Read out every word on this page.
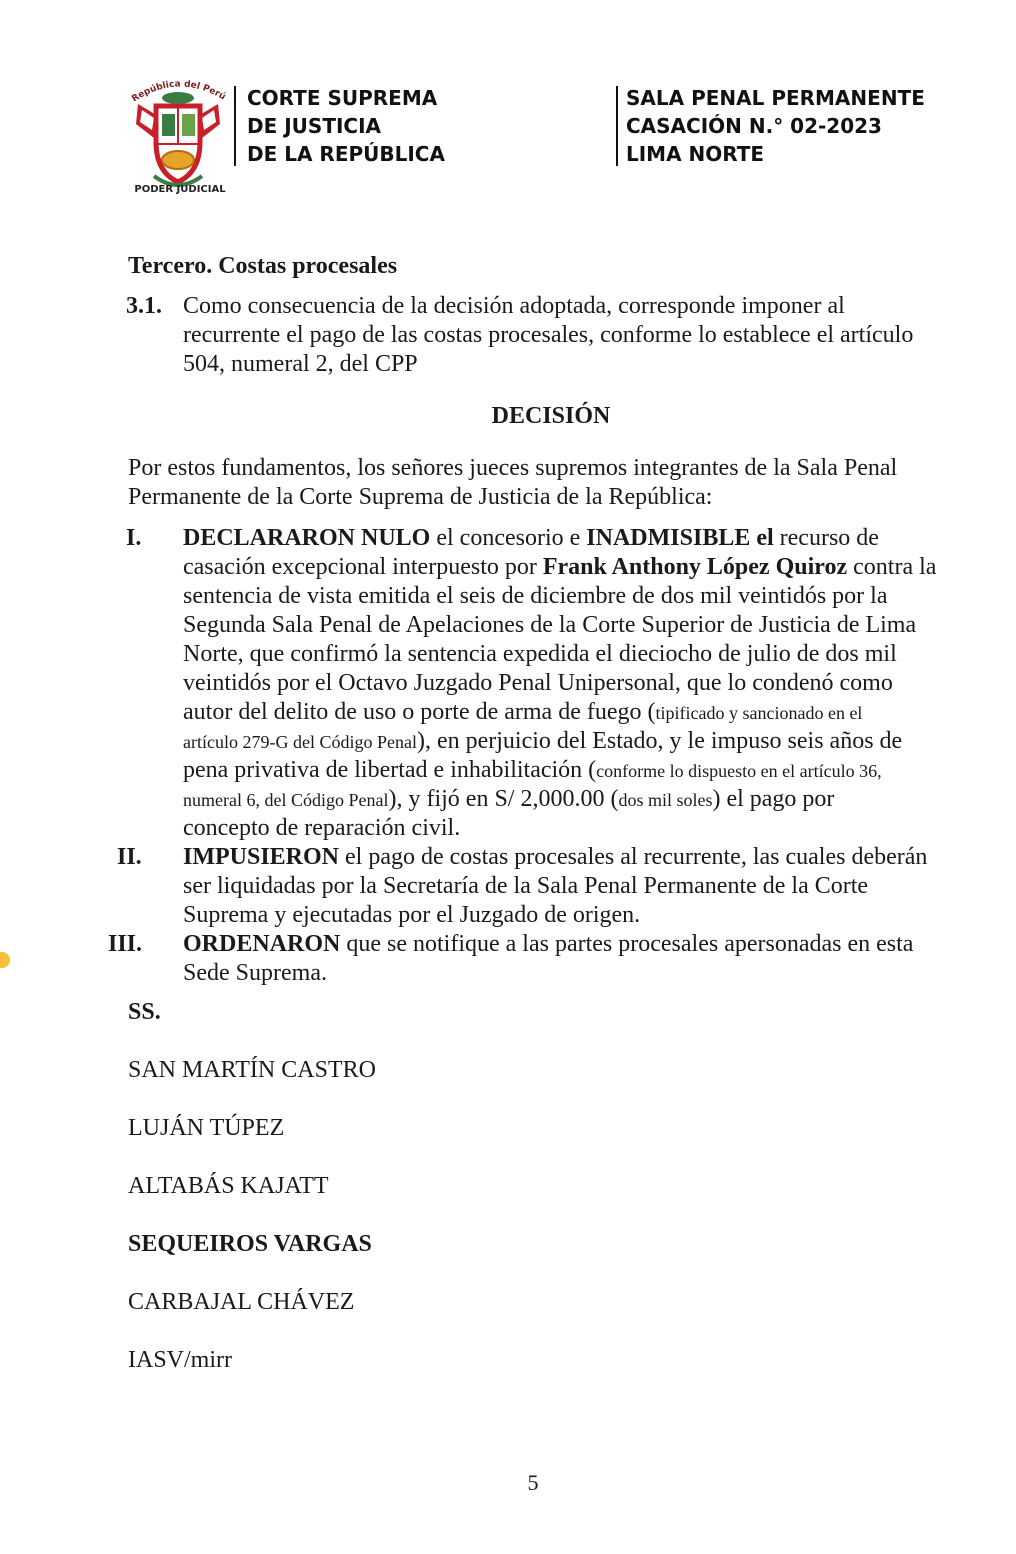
República del Perú
PODER JUDICIAL
CORTE SUPREMA
DE JUSTICIA
DE LA REPÚBLICA
SALA PENAL PERMANENTE
CASACIÓN N.° 02-2023
LIMA NORTE
Tercero. Costas procesales
3.1. Como consecuencia de la decisión adoptada, corresponde imponer al
recurrente el pago de las costas procesales, conforme lo establece el artículo
504, numeral 2, del CPP
DECISIÓN
Por estos fundamentos, los señores jueces supremos integrantes de la Sala Penal
Permanente de la Corte Suprema de Justicia de la República:
I. DECLARARON NULO el concesorio e INADMISIBLE el recurso de
casación excepcional interpuesto por Frank Anthony López Quiroz contra la
sentencia de vista emitida el seis de diciembre de dos mil veintidós por la
Segunda Sala Penal de Apelaciones de la Corte Superior de Justicia de Lima
Norte, que confirmó la sentencia expedida el dieciocho de julio de dos mil
veintidós por el Octavo Juzgado Penal Unipersonal, que lo condenó como
autor del delito de uso o porte de arma de fuego (tipificado y sancionado en el
artículo 279-G del Código Penal), en perjuicio del Estado, y le impuso seis años de
pena privativa de libertad e inhabilitación (conforme lo dispuesto en el artículo 36,
numeral 6, del Código Penal), y fijó en S/ 2,000.00 (dos mil soles) el pago por
concepto de reparación civil.
II. IMPUSIERON el pago de costas procesales al recurrente, las cuales deberán
ser liquidadas por la Secretaría de la Sala Penal Permanente de la Corte
Suprema y ejecutadas por el Juzgado de origen.
III. ORDENARON que se notifique a las partes procesales apersonadas en esta
Sede Suprema.
SS.
SAN MARTÍN CASTRO
LUJÁN TÚPEZ
ALTABÁS KAJATT
SEQUEIROS VARGAS
CARBAJAL CHÁVEZ
IASV/mirr
5
